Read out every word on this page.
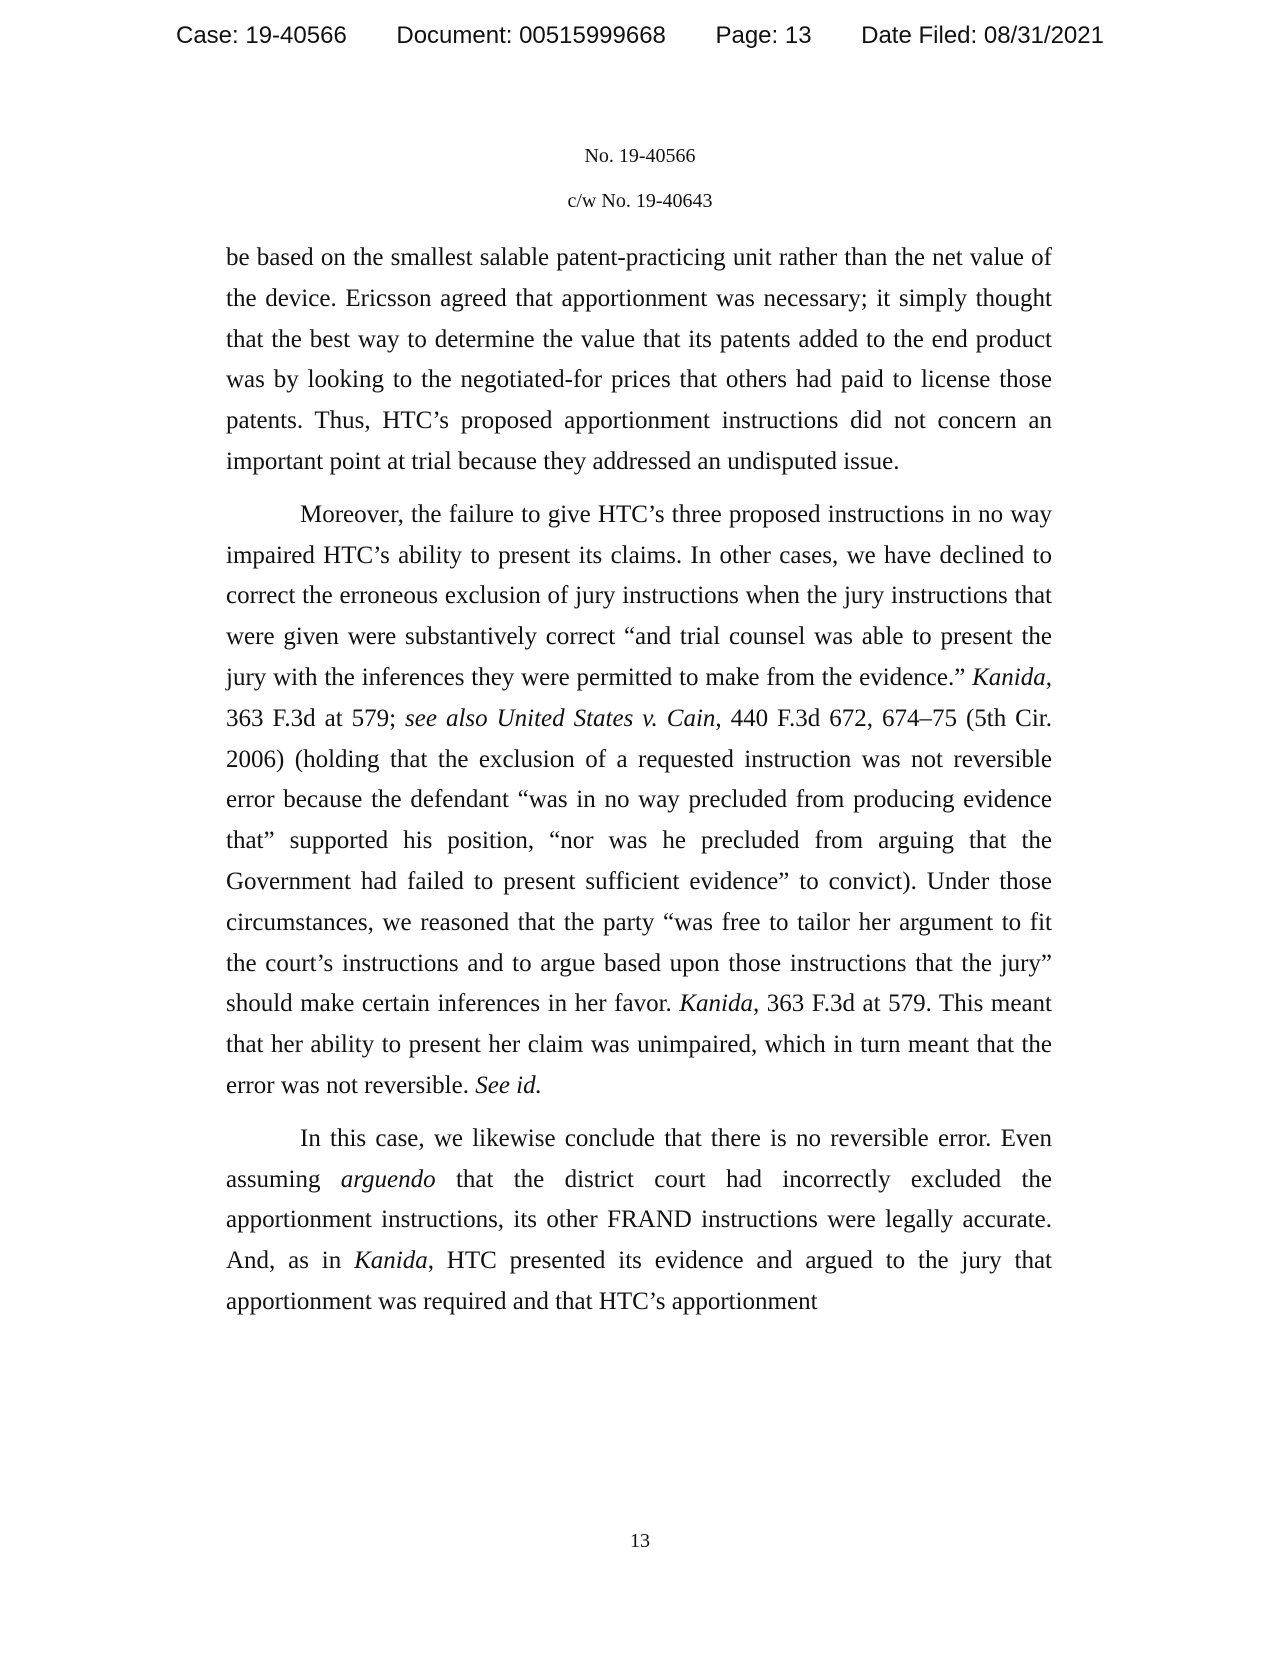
Case: 19-40566 Document: 00515999668 Page: 13 Date Filed: 08/31/2021
No. 19-40566
c/w No. 19-40643

be based on the smallest salable patent-practicing unit rather than the net value of the device. Ericsson agreed that apportionment was necessary; it simply thought that the best way to determine the value that its patents added to the end product was by looking to the negotiated-for prices that others had paid to license those patents. Thus, HTC’s proposed apportionment instructions did not concern an important point at trial because they addressed an undisputed issue.

Moreover, the failure to give HTC’s three proposed instructions in no way impaired HTC’s ability to present its claims. In other cases, we have declined to correct the erroneous exclusion of jury instructions when the jury instructions that were given were substantively correct “and trial counsel was able to present the jury with the inferences they were permitted to make from the evidence.” Kanida, 363 F.3d at 579; see also United States v. Cain, 440 F.3d 672, 674–75 (5th Cir. 2006) (holding that the exclusion of a requested instruction was not reversible error because the defendant “was in no way precluded from producing evidence that” supported his position, “nor was he precluded from arguing that the Government had failed to present sufficient evidence” to convict). Under those circumstances, we reasoned that the party “was free to tailor her argument to fit the court’s instructions and to argue based upon those instructions that the jury” should make certain inferences in her favor. Kanida, 363 F.3d at 579. This meant that her ability to present her claim was unimpaired, which in turn meant that the error was not reversible. See id.

In this case, we likewise conclude that there is no reversible error. Even assuming arguendo that the district court had incorrectly excluded the apportionment instructions, its other FRAND instructions were legally accurate. And, as in Kanida, HTC presented its evidence and argued to the jury that apportionment was required and that HTC’s apportionment

13
